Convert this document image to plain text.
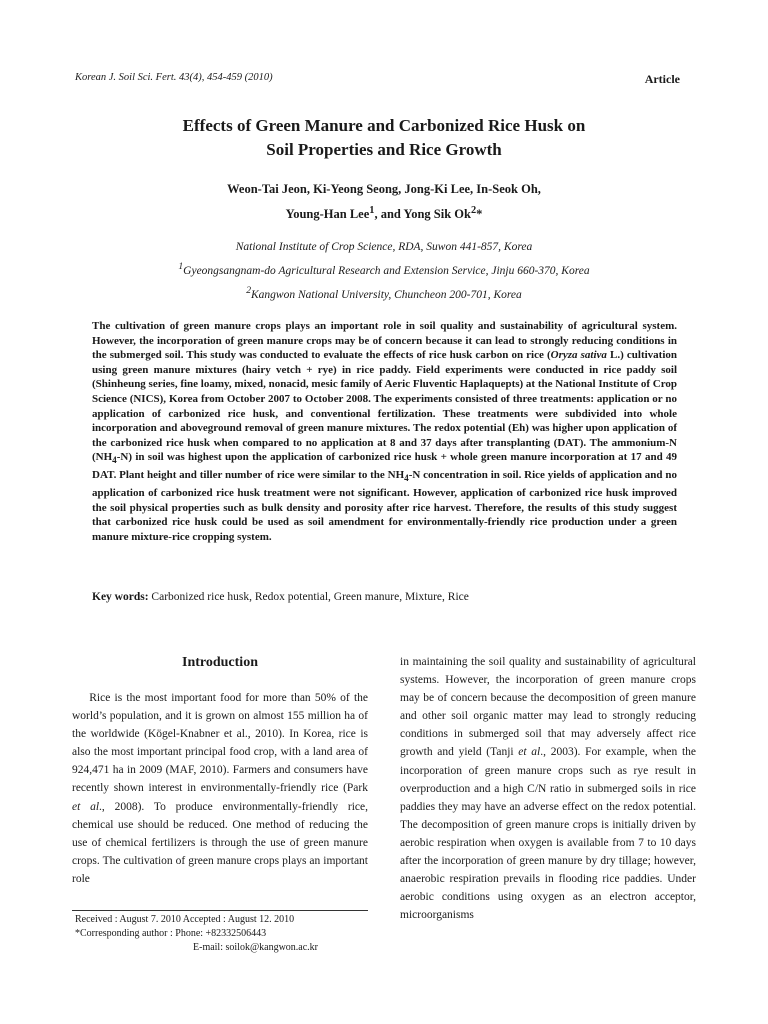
Korean J. Soil Sci. Fert. 43(4), 454-459 (2010)	Article
Effects of Green Manure and Carbonized Rice Husk on
Soil Properties and Rice Growth
Weon-Tai Jeon, Ki-Yeong Seong, Jong-Ki Lee, In-Seok Oh,
Young-Han Lee$^1$, and Yong Sik Ok$^2$*
National Institute of Crop Science, RDA, Suwon 441-857, Korea
$^1$Gyeongsangnam-do Agricultural Research and Extension Service, Jinju 660-370, Korea
$^2$Kangwon National University, Chuncheon 200-701, Korea
The cultivation of green manure crops plays an important role in soil quality and sustainability of agricultural system. However, the incorporation of green manure crops may be of concern because it can lead to strongly reducing conditions in the submerged soil. This study was conducted to evaluate the effects of rice husk carbon on rice (Oryza sativa L.) cultivation using green manure mixtures (hairy vetch + rye) in rice paddy. Field experiments were conducted in rice paddy soil (Shinheung series, fine loamy, mixed, nonacid, mesic family of Aeric Fluventic Haplaquepts) at the National Institute of Crop Science (NICS), Korea from October 2007 to October 2008. The experiments consisted of three treatments: application or no application of carbonized rice husk, and conventional fertilization. These treatments were subdivided into whole incorporation and aboveground removal of green manure mixtures. The redox potential (Eh) was higher upon application of the carbonized rice husk when compared to no application at 8 and 37 days after transplanting (DAT). The ammonium-N $(NH_4-N)$ in soil was highest upon the application of carbonized rice husk + whole green manure incorporation at 17 and 49 DAT. Plant height and tiller number of rice were similar to the $NH_4-N$ concentration in soil. Rice yields of application and no application of carbonized rice husk treatment were not significant. However, application of carbonized rice husk improved the soil physical properties such as bulk density and porosity after rice harvest. Therefore, the results of this study suggest that carbonized rice husk could be used as soil amendment for environmentally-friendly rice production under a green manure mixture-rice cropping system.
Key words: Carbonized rice husk, Redox potential, Green manure, Mixture, Rice
Introduction

Rice is the most important food for more than 50% of the world’s population, and it is grown on almost 155 million ha of the worldwide (Kögel-Knabner et al., 2010). In Korea, rice is also the most important principal food crop, with a land area of 924,471 ha in 2009 (MAF, 2010). Farmers and consumers have recently shown interest in environmentally-friendly rice (Park et al., 2008). To produce environmentally-friendly rice, chemical use should be reduced. One method of reducing the use of chemical fertilizers is through the use of green manure crops. The cultivation of green manure crops plays an important role

in maintaining the soil quality and sustainability of agricultural systems. However, the incorporation of green manure crops may be of concern because the decomposition of green manure and other soil organic matter may lead to strongly reducing conditions in submerged soil that may adversely affect rice growth and yield (Tanji et al., 2003). For example, when the incorporation of green manure crops such as rye result in overproduction and a high C/N ratio in submerged soils in rice paddies they may have an adverse effect on the redox potential. The decomposition of green manure crops is initially driven by aerobic respiration when oxygen is available from 7 to 10 days after the incorporation of green manure by dry tillage; however, anaerobic respiration prevails in flooding rice paddies. Under aerobic conditions using oxygen as an electron acceptor, microorganisms

Received : August 7. 2010 Accepted : August 12. 2010
*Corresponding author : Phone: +82332506443
E-mail: soilok@kangwon.ac.kr
